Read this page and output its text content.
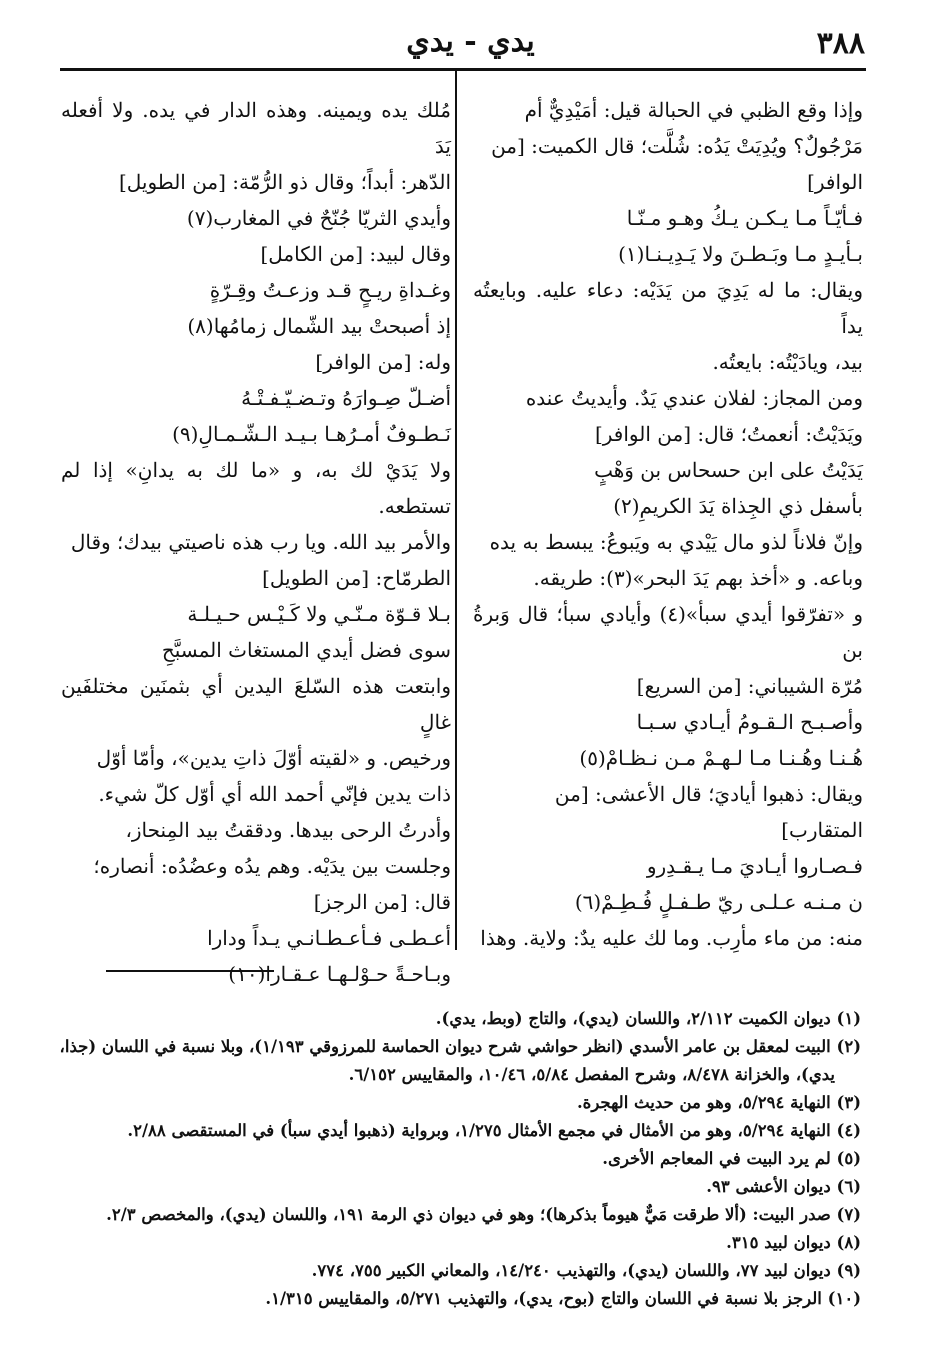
٣٨٨
يدي - يدي

وإذا وقع الظبي في الحبالة قيل: أمَيْدِيٌّ أم

مَرْجُولٌ؟ ويُدِيَتْ يَدُه: شُلَّت؛ قال الكميت: [من

الوافر]

فـأيّـاً مـا يـكـن يـكُ وهـو مـنّـا

بـأيـدٍ مـا وبَـطـنَ ولا يَـدِيـنـا(١)

ويقال: ما له يَدِيَ من يَدَيْه: دعاء عليه. وبايعتُه يداً

بيد، ويادَيْتُه: بايعتُه.

ومن المجاز: لفلان عندي يَدٌ. وأيديتُ عنده

ويَدَيْتُ: أنعمتُ؛ قال: [من الوافر]

يَدَيْتُ على ابن حسحاس بن وَهْبٍ

بأسفل ذي الجِذاة يَدَ الكريمِ(٢)

وإنّ فلاناً لذو مال يَيْدي به ويَبوعُ: يبسط به يده

وباعه. و «أخذ بهم يَدَ البحر»(٣): طريقه.

و «تفرّقوا أيدي سبأ»(٤) وأيادي سبأ؛ قال وَبرةُ بن

مُرّة الشيباني: [من السريع]

وأصـبـح الـقـومُ أيـادي سـبـا

هُـنـا وهُـنـا مـا لـهـمْ مـن نـظـامْ(٥)

ويقال: ذهبوا أياديَ؛ قال الأعشى: [من

المتقارب]

فـصـاروا أيـاديَ مـا يـقـدِرو

ن مـنـه عـلـى ريّ طـفـلٍ فُـطِـمْ(٦)

منه: من ماء مأرِب. وما لك عليه يدٌ: ولاية. وهذا

مُلك يده ويمينه. وهذه الدار في يده. ولا أفعله يَدَ

الدّهر: أبداً؛ وقال ذو الرُّمّة: [من الطويل]

وأيدي الثريّا جُنّحٌ في المغارب(٧)

وقال لبيد: [من الكامل]

وغـداةِ ريـحٍ قـد وزعـتُ وقِـرّةٍ

إذ أصبحتْ بيد الشّمال زمامُها(٨)

وله: [من الوافر]

أضـلّ صِـوارَهُ وتـضـيّـفـتْـهُ

نَـطـوفٌ أمـرُهـا بـيـد الـشّـمـالِ(٩)

ولا يَدَيْ لك به، و «ما لك به يدانِ» إذا لم تستطعه.

والأمر بيد الله. ويا رب هذه ناصيتي بيدك؛ وقال

الطرمّاح: [من الطويل]

بـلا قـوّة مـنّـي ولا كَـيْـس حـيـلـة

سوى فضل أيدي المستغاث المسبَّحِ

وابتعت هذه السّلعَ اليدين أي بثمنَين مختلفَين غالٍ

ورخيص. و «لقيته أوّلَ ذاتِ يدين»، وأمّا أوّل

ذات يدين فإنّي أحمد الله أي أوّل كلّ شيء.

وأدرتُ الرحى بيدها. ودققتُ بيد المِنحاز،

وجلست بين يدَيْه. وهم يدُه وعضُدُه: أنصاره؛

قال: [من الرجز]

أعـطـى فـأعـطـانـي يـداً ودارا

وبـاحـةً حـوْلـهـا عـقـارا(١٠)

(١) ديوان الكميت ٢/١١٢، واللسان (يدي)، والتاج (وبط، يدي).
(٢) البيت لمعقل بن عامر الأسدي (انظر حواشي شرح ديوان الحماسة للمرزوقي ١/١٩٣)، وبلا نسبة في اللسان (جذا،
يدي)، والخزانة ٨/٤٧٨، وشرح المفصل ٥/٨٤، ١٠/٤٦، والمقاييس ٦/١٥٢.
(٣) النهاية ٥/٢٩٤، وهو من حديث الهجرة.
(٤) النهاية ٥/٢٩٤، وهو من الأمثال في مجمع الأمثال ١/٢٧٥، وبرواية (ذهبوا أيدي سبأ) في المستقصى ٢/٨٨.
(٥) لم يرد البيت في المعاجم الأخرى.
(٦) ديوان الأعشى ٩٣.
(٧) صدر البيت: (ألا طرقت مَيٌّ هيوماً بذكرها)؛ وهو في ديوان ذي الرمة ١٩١، واللسان (يدي)، والمخصص ٢/٣.
(٨) ديوان لبيد ٣١٥.
(٩) ديوان لبيد ٧٧، واللسان (يدي)، والتهذيب ١٤/٢٤٠، والمعاني الكبير ٧٥٥، ٧٧٤.
(١٠) الرجز بلا نسبة في اللسان والتاج (بوح، يدي)، والتهذيب ٥/٢٧١، والمقاييس ١/٣١٥.
